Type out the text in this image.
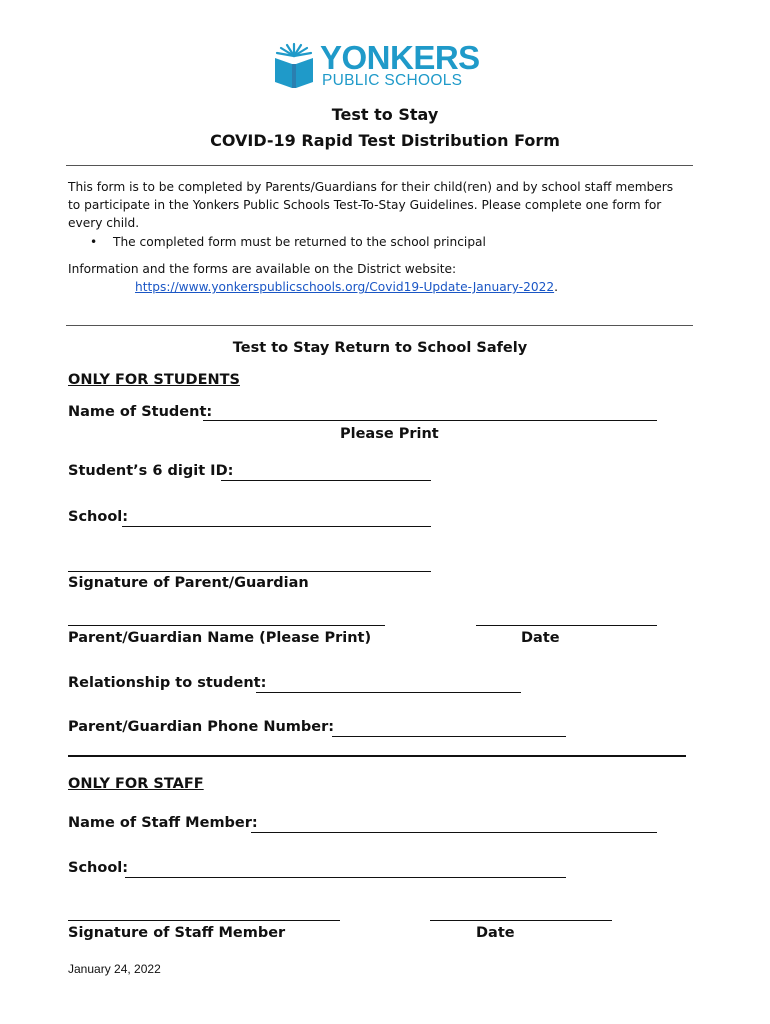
YONKERS
PUBLIC SCHOOLS
Test to Stay
COVID-19 Rapid Test Distribution Form
This form is to be completed by Parents/Guardians for their child(ren) and by school staff members
to participate in the Yonkers Public Schools Test-To-Stay Guidelines. Please complete one form for
every child.
• The completed form must be returned to the school principal
Information and the forms are available on the District website:
https://www.yonkerspublicschools.org/Covid19-Update-January-2022.
Test to Stay Return to School Safely
ONLY FOR STUDENTS
Name of Student:
Please Print
Student’s 6 digit ID:
School:
Signature of Parent/Guardian
Parent/Guardian Name (Please Print)	Date
Relationship to student:
Parent/Guardian Phone Number:
ONLY FOR STAFF
Name of Staff Member:
School:
Signature of Staff Member	Date
January 24, 2022
